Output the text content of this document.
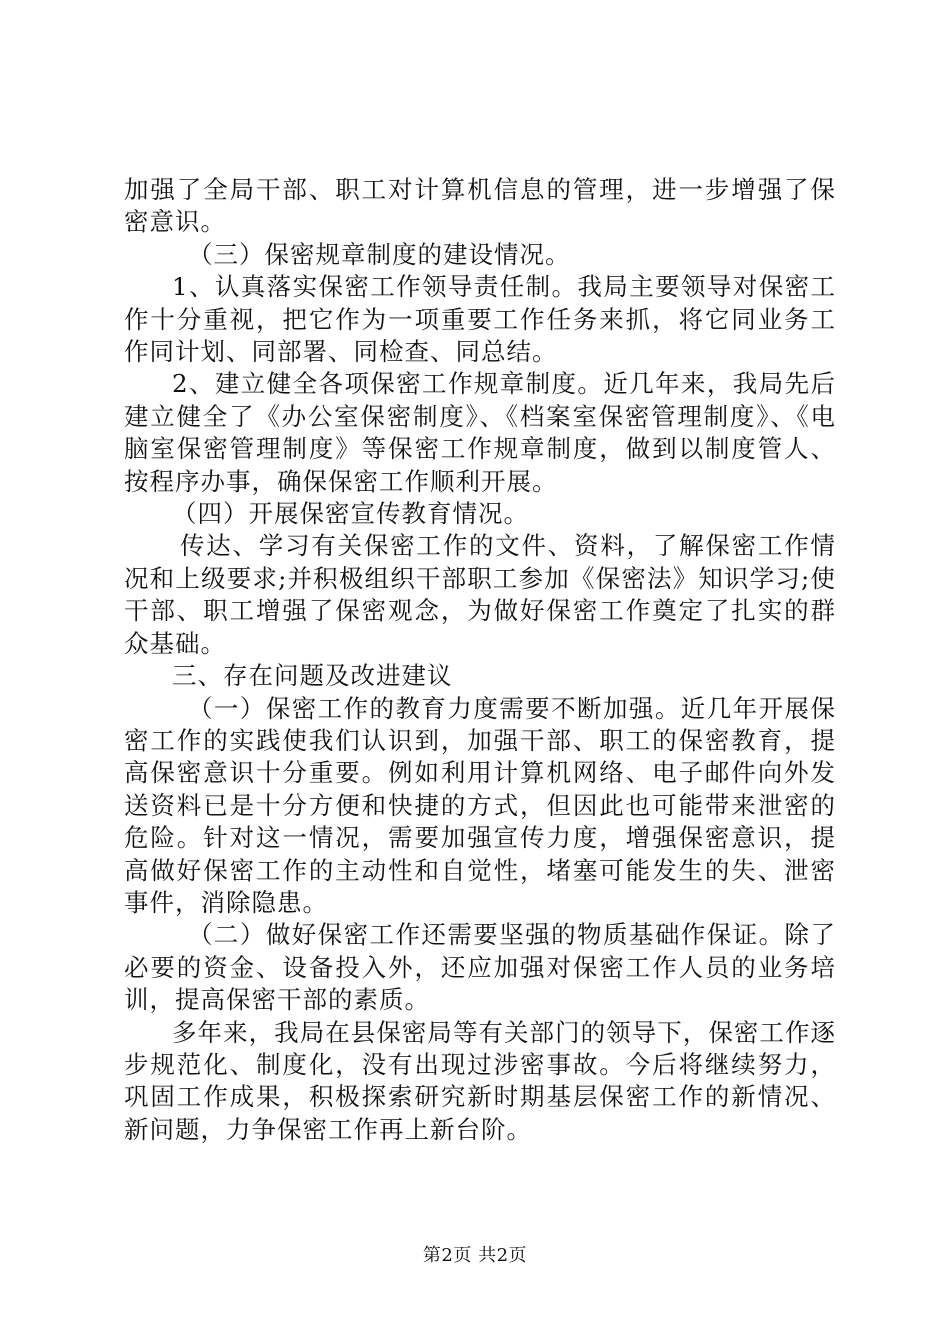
加强了全局干部、职工对计算机信息的管理，进一步增强了保密意识。

（三）保密规章制度的建设情况。

1、认真落实保密工作领导责任制。我局主要领导对保密工作十分重视，把它作为一项重要工作任务来抓，将它同业务工作同计划、同部署、同检查、同总结。

2、建立健全各项保密工作规章制度。近几年来，我局先后建立健全了《办公室保密制度》、《档案室保密管理制度》、《电脑室保密管理制度》等保密工作规章制度，做到以制度管人、按程序办事，确保保密工作顺利开展。

（四）开展保密宣传教育情况。

传达、学习有关保密工作的文件、资料，了解保密工作情况和上级要求;并积极组织干部职工参加《保密法》知识学习;使干部、职工增强了保密观念，为做好保密工作奠定了扎实的群众基础。

三、存在问题及改进建议

（一）保密工作的教育力度需要不断加强。近几年开展保密工作的实践使我们认识到，加强干部、职工的保密教育，提高保密意识十分重要。例如利用计算机网络、电子邮件向外发送资料已是十分方便和快捷的方式，但因此也可能带来泄密的危险。针对这一情况，需要加强宣传力度，增强保密意识，提高做好保密工作的主动性和自觉性，堵塞可能发生的失、泄密事件，消除隐患。

（二）做好保密工作还需要坚强的物质基础作保证。除了必要的资金、设备投入外，还应加强对保密工作人员的业务培训，提高保密干部的素质。

多年来，我局在县保密局等有关部门的领导下，保密工作逐步规范化、制度化，没有出现过涉密事故。今后将继续努力，巩固工作成果，积极探索研究新时期基层保密工作的新情况、新问题，力争保密工作再上新台阶。

第2页 共2页
